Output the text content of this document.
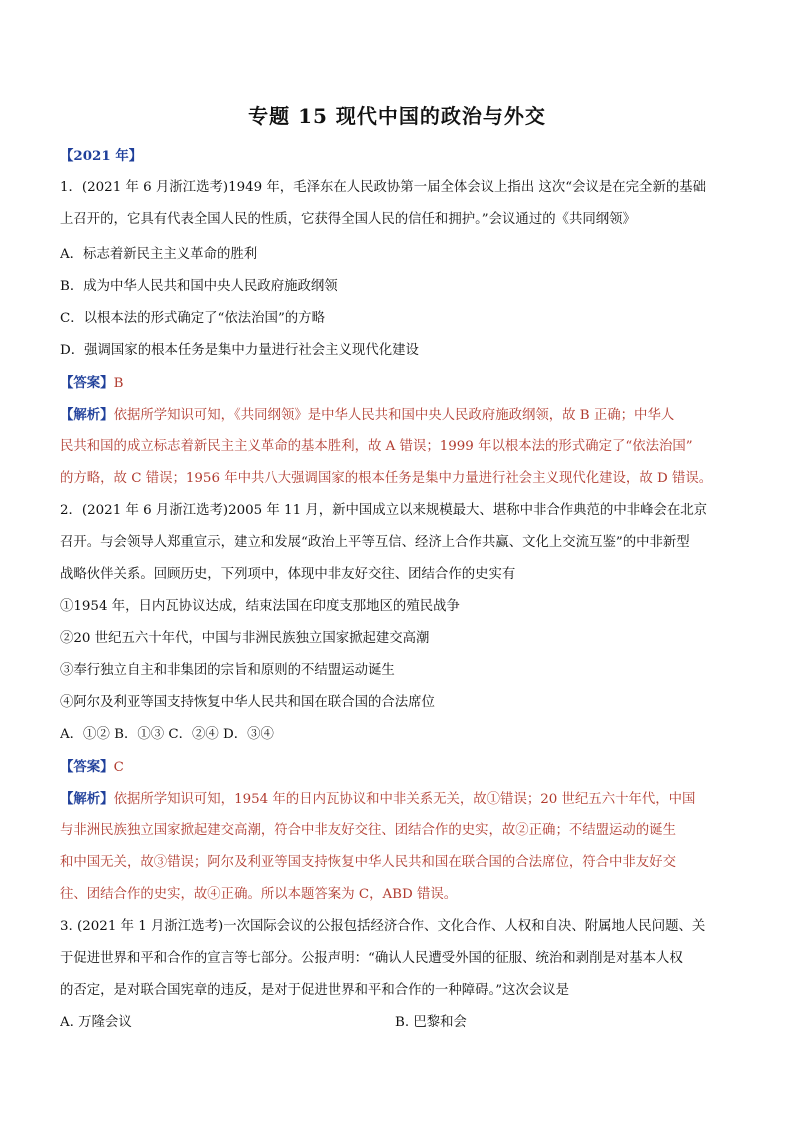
专题 15 现代中国的政治与外交
【2021 年】
1．(2021 年 6 月浙江选考)1949 年，毛泽东在人民政协第一届全体会议上指出 这次“会议是在完全新的基础
上召开的，它具有代表全国人民的性质，它获得全国人民的信任和拥护。”会议通过的《共同纲领》
A．标志着新民主主义革命的胜利
B．成为中华人民共和国中央人民政府施政纲领
C．以根本法的形式确定了“依法治国”的方略
D．强调国家的根本任务是集中力量进行社会主义现代化建设
【答案】B
【解析】依据所学知识可知，《共同纲领》是中华人民共和国中央人民政府施政纲领，故 B 正确；中华人
民共和国的成立标志着新民主主义革命的基本胜利，故 A 错误；1999 年以根本法的形式确定了“依法治国”
的方略，故 C 错误；1956 年中共八大强调国家的根本任务是集中力量进行社会主义现代化建设，故 D 错误。
2．(2021 年 6 月浙江选考)2005 年 11 月，新中国成立以来规模最大、堪称中非合作典范的中非峰会在北京
召开。与会领导人郑重宣示，建立和发展“政治上平等互信、经济上合作共赢、文化上交流互鉴”的中非新型
战略伙伴关系。回顾历史，下列项中，体现中非友好交往、团结合作的史实有
①1954 年，日内瓦协议达成，结束法国在印度支那地区的殖民战争
②20 世纪五六十年代，中国与非洲民族独立国家掀起建交高潮
③奉行独立自主和非集团的宗旨和原则的不结盟运动诞生
④阿尔及利亚等国支持恢复中华人民共和国在联合国的合法席位
A．①② B．①③ C．②④ D．③④
【答案】C
【解析】依据所学知识可知，1954 年的日内瓦协议和中非关系无关，故①错误；20 世纪五六十年代，中国
与非洲民族独立国家掀起建交高潮，符合中非友好交往、团结合作的史实，故②正确；不结盟运动的诞生
和中国无关，故③错误；阿尔及利亚等国支持恢复中华人民共和国在联合国的合法席位，符合中非友好交
往、团结合作的史实，故④正确。所以本题答案为 C，ABD 错误。
3. (2021 年 1 月浙江选考)一次国际会议的公报包括经济合作、文化合作、人权和自决、附属地人民问题、关
于促进世界和平和合作的宣言等七部分。公报声明：“确认人民遭受外国的征服、统治和剥削是对基本人权
的否定，是对联合国宪章的违反，是对于促进世界和平和合作的一种障碍。”这次会议是
A. 万隆会议	B. 巴黎和会
